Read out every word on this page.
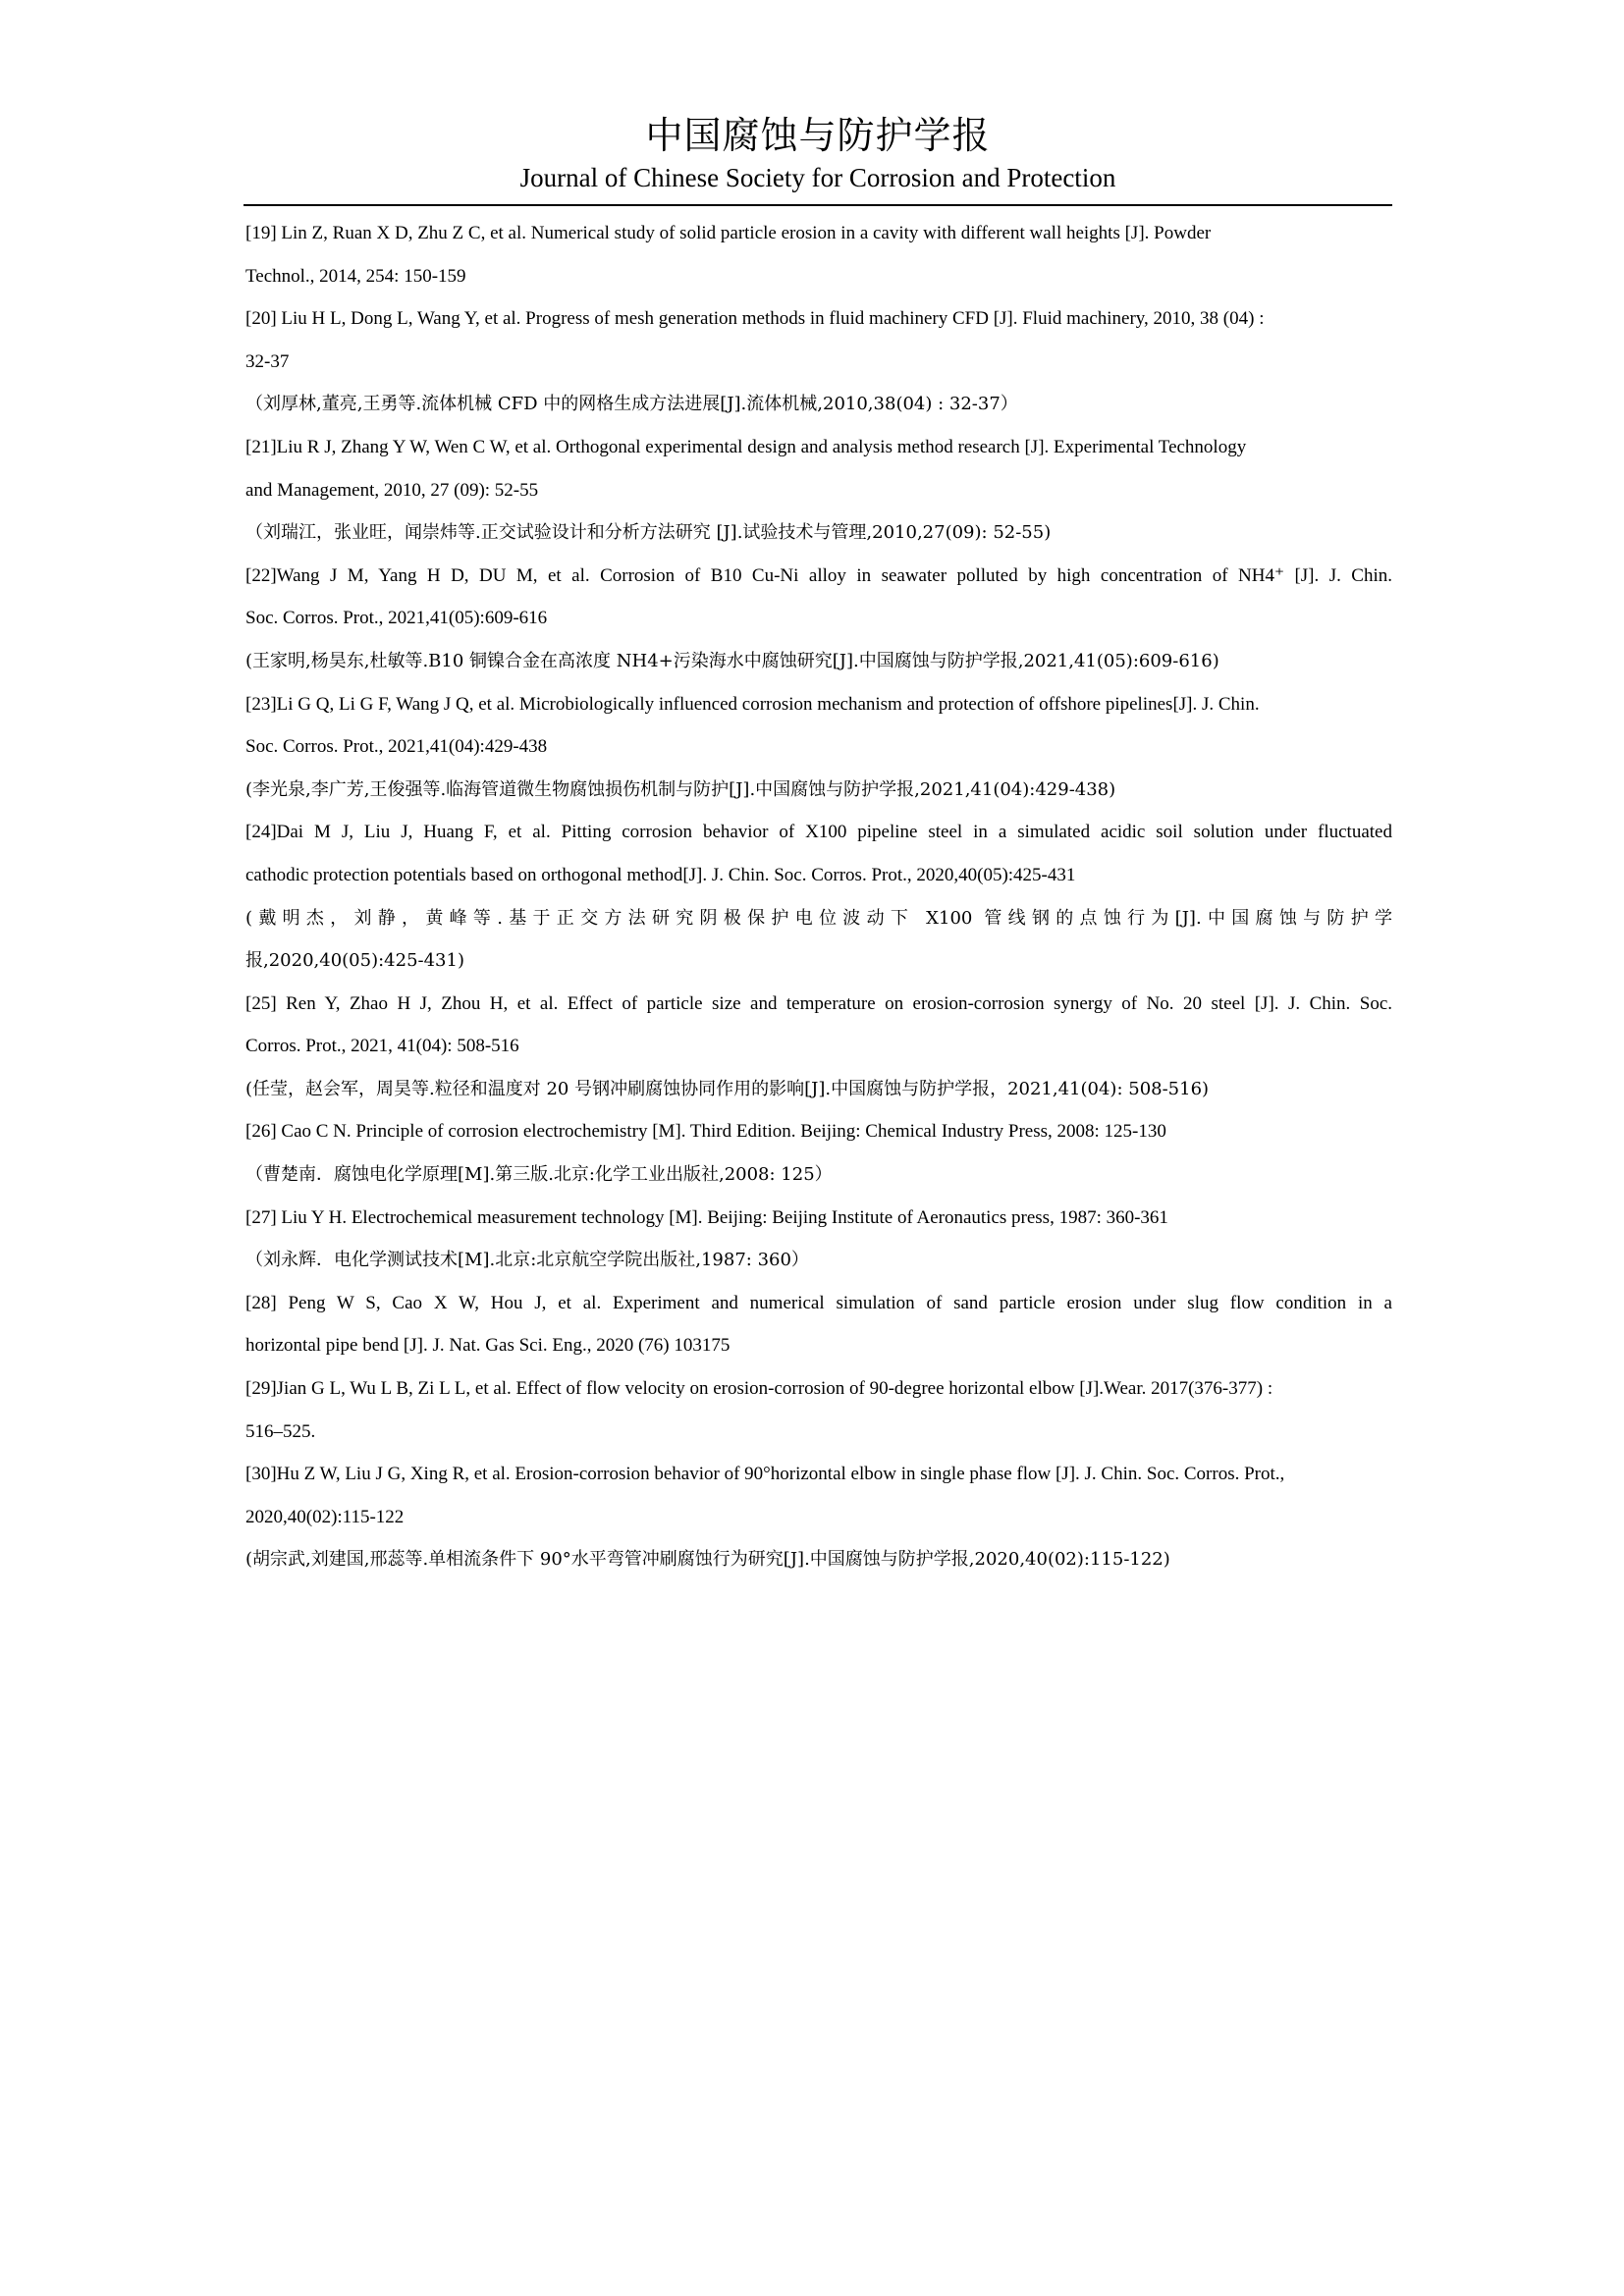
中国腐蚀与防护学报
Journal of Chinese Society for Corrosion and Protection
[19] Lin Z, Ruan X D, Zhu Z C, et al. Numerical study of solid particle erosion in a cavity with different wall heights [J]. Powder
Technol., 2014, 254: 150-159
[20] Liu H L, Dong L, Wang Y, et al. Progress of mesh generation methods in fluid machinery CFD [J]. Fluid machinery, 2010, 38 (04) :
32-37
（刘厚林,董亮,王勇等.流体机械 CFD 中的网格生成方法进展[J].流体机械,2010,38(04) : 32-37）
[21]Liu R J, Zhang Y W, Wen C W, et al. Orthogonal experimental design and analysis method research [J]. Experimental Technology
and Management, 2010, 27 (09): 52-55
（刘瑞江，张业旺，闻崇炜等.正交试验设计和分析方法研究 [J].试验技术与管理,2010,27(09): 52-55)
[22]Wang J M, Yang H D, DU M, et al. Corrosion of B10 Cu-Ni alloy in seawater polluted by high concentration of NH4⁺ [J]. J. Chin.
Soc. Corros. Prot., 2021,41(05):609-616
(王家明,杨昊东,杜敏等.B10 铜镍合金在高浓度 NH4+污染海水中腐蚀研究[J].中国腐蚀与防护学报,2021,41(05):609-616)
[23]Li G Q, Li G F, Wang J Q, et al. Microbiologically influenced corrosion mechanism and protection of offshore pipelines[J]. J. Chin.
Soc. Corros. Prot., 2021,41(04):429-438
(李光泉,李广芳,王俊强等.临海管道微生物腐蚀损伤机制与防护[J].中国腐蚀与防护学报,2021,41(04):429-438)
[24]Dai M J, Liu J, Huang F, et al. Pitting corrosion behavior of X100 pipeline steel in a simulated acidic soil solution under fluctuated
cathodic protection potentials based on orthogonal method[J]. J. Chin. Soc. Corros. Prot., 2020,40(05):425-431
(戴明杰，刘静，黄峰等.基于正交方法研究阴极保护电位波动下 X100 管线钢的点蚀行为[J].中国腐蚀与防护学
报,2020,40(05):425-431)
[25] Ren Y, Zhao H J, Zhou H, et al. Effect of particle size and temperature on erosion-corrosion synergy of No. 20 steel [J]. J. Chin. Soc.
Corros. Prot., 2021, 41(04): 508-516
(任莹，赵会军，周昊等.粒径和温度对 20 号钢冲刷腐蚀协同作用的影响[J].中国腐蚀与防护学报，2021,41(04): 508-516)
[26] Cao C N. Principle of corrosion electrochemistry [M]. Third Edition. Beijing: Chemical Industry Press, 2008: 125-130
（曹楚南．腐蚀电化学原理[M].第三版.北京:化学工业出版社,2008: 125）
[27] Liu Y H. Electrochemical measurement technology [M]. Beijing: Beijing Institute of Aeronautics press, 1987: 360-361
（刘永辉．电化学测试技术[M].北京:北京航空学院出版社,1987: 360）
[28] Peng W S, Cao X W, Hou J, et al. Experiment and numerical simulation of sand particle erosion under slug flow condition in a
horizontal pipe bend [J]. J. Nat. Gas Sci. Eng., 2020 (76) 103175
[29]Jian G L, Wu L B, Zi L L, et al. Effect of flow velocity on erosion-corrosion of 90-degree horizontal elbow [J].Wear. 2017(376-377) :
516–525.
[30]Hu Z W, Liu J G, Xing R, et al. Erosion-corrosion behavior of 90°horizontal elbow in single phase flow [J]. J. Chin. Soc. Corros. Prot.,
2020,40(02):115-122
(胡宗武,刘建国,邢蕊等.单相流条件下 90°水平弯管冲刷腐蚀行为研究[J].中国腐蚀与防护学报,2020,40(02):115-122)
